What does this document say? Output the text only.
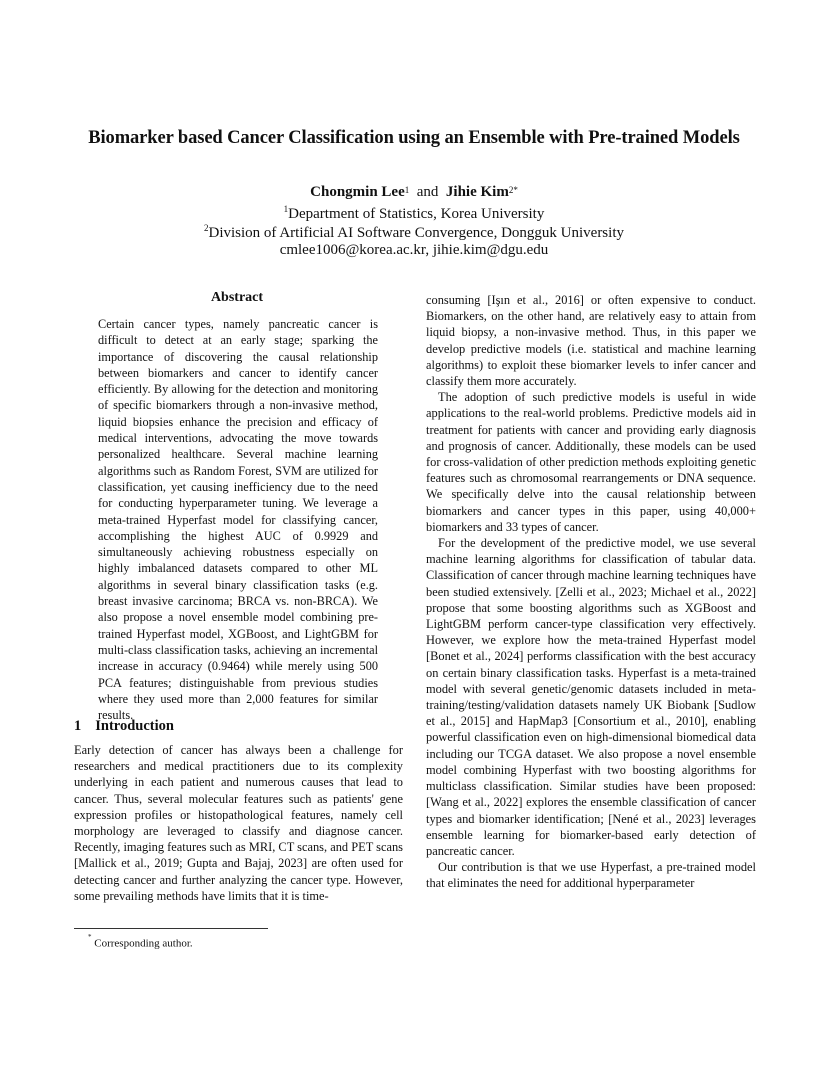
Biomarker based Cancer Classification using an Ensemble with Pre-trained Models
Chongmin Lee$^1$ and Jihie Kim$^{2*}$
$^1$Department of Statistics, Korea University
$^2$Division of Artificial AI Software Convergence, Dongguk University
cmlee1006@korea.ac.kr, jihie.kim@dgu.edu
Abstract

Certain cancer types, namely pancreatic cancer is difficult to detect at an early stage; sparking the importance of discovering the causal relationship between biomarkers and cancer to identify cancer efficiently. By allowing for the detection and monitoring of specific biomarkers through a non-invasive method, liquid biopsies enhance the precision and efficacy of medical interventions, advocating the move towards personalized healthcare. Several machine learning algorithms such as Random Forest, SVM are utilized for classification, yet causing inefficiency due to the need for conducting hyperparameter tuning. We leverage a meta-trained Hyperfast model for classifying cancer, accomplishing the highest AUC of 0.9929 and simultaneously achieving robustness especially on highly imbalanced datasets compared to other ML algorithms in several binary classification tasks (e.g. breast invasive carcinoma; BRCA vs. non-BRCA). We also propose a novel ensemble model combining pre-trained Hyperfast model, XGBoost, and LightGBM for multi-class classification tasks, achieving an incremental increase in accuracy (0.9464) while merely using 500 PCA features; distinguishable from previous studies where they used more than 2,000 features for similar results.

1 Introduction

Early detection of cancer has always been a challenge for researchers and medical practitioners due to its complexity underlying in each patient and numerous causes that lead to cancer. Thus, several molecular features such as patients' gene expression profiles or histopathological features, namely cell morphology are leveraged to classify and diagnose cancer. Recently, imaging features such as MRI, CT scans, and PET scans [Mallick et al., 2019; Gupta and Bajaj, 2023] are often used for detecting cancer and further analyzing the cancer type. However, some prevailing methods have limits that it is time-

consuming [Işın et al., 2016] or often expensive to conduct. Biomarkers, on the other hand, are relatively easy to attain from liquid biopsy, a non-invasive method. Thus, in this paper we develop predictive models (i.e. statistical and machine learning algorithms) to exploit these biomarker levels to infer cancer and classify them more accurately.

The adoption of such predictive models is useful in wide applications to the real-world problems. Predictive models aid in treatment for patients with cancer and providing early diagnosis and prognosis of cancer. Additionally, these models can be used for cross-validation of other prediction methods exploiting genetic features such as chromosomal rearrangements or DNA sequence. We specifically delve into the causal relationship between biomarkers and cancer types in this paper, using 40,000+ biomarkers and 33 types of cancer.

For the development of the predictive model, we use several machine learning algorithms for classification of tabular data. Classification of cancer through machine learning techniques have been studied extensively. [Zelli et al., 2023; Michael et al., 2022] propose that some boosting algorithms such as XGBoost and LightGBM perform cancer-type classification very effectively. However, we explore how the meta-trained Hyperfast model [Bonet et al., 2024] performs classification with the best accuracy on certain binary classification tasks. Hyperfast is a meta-trained model with several genetic/genomic datasets included in meta-training/testing/validation datasets namely UK Biobank [Sudlow et al., 2015] and HapMap3 [Consortium et al., 2010], enabling powerful classification even on high-dimensional biomedical data including our TCGA dataset. We also propose a novel ensemble model combining Hyperfast with two boosting algorithms for multiclass classification. Similar studies have been proposed: [Wang et al., 2022] explores the ensemble classification of cancer types and biomarker identification; [Nené et al., 2023] leverages ensemble learning for biomarker-based early detection of pancreatic cancer.

Our contribution is that we use Hyperfast, a pre-trained model that eliminates the need for additional hyperparameter

* Corresponding author.
